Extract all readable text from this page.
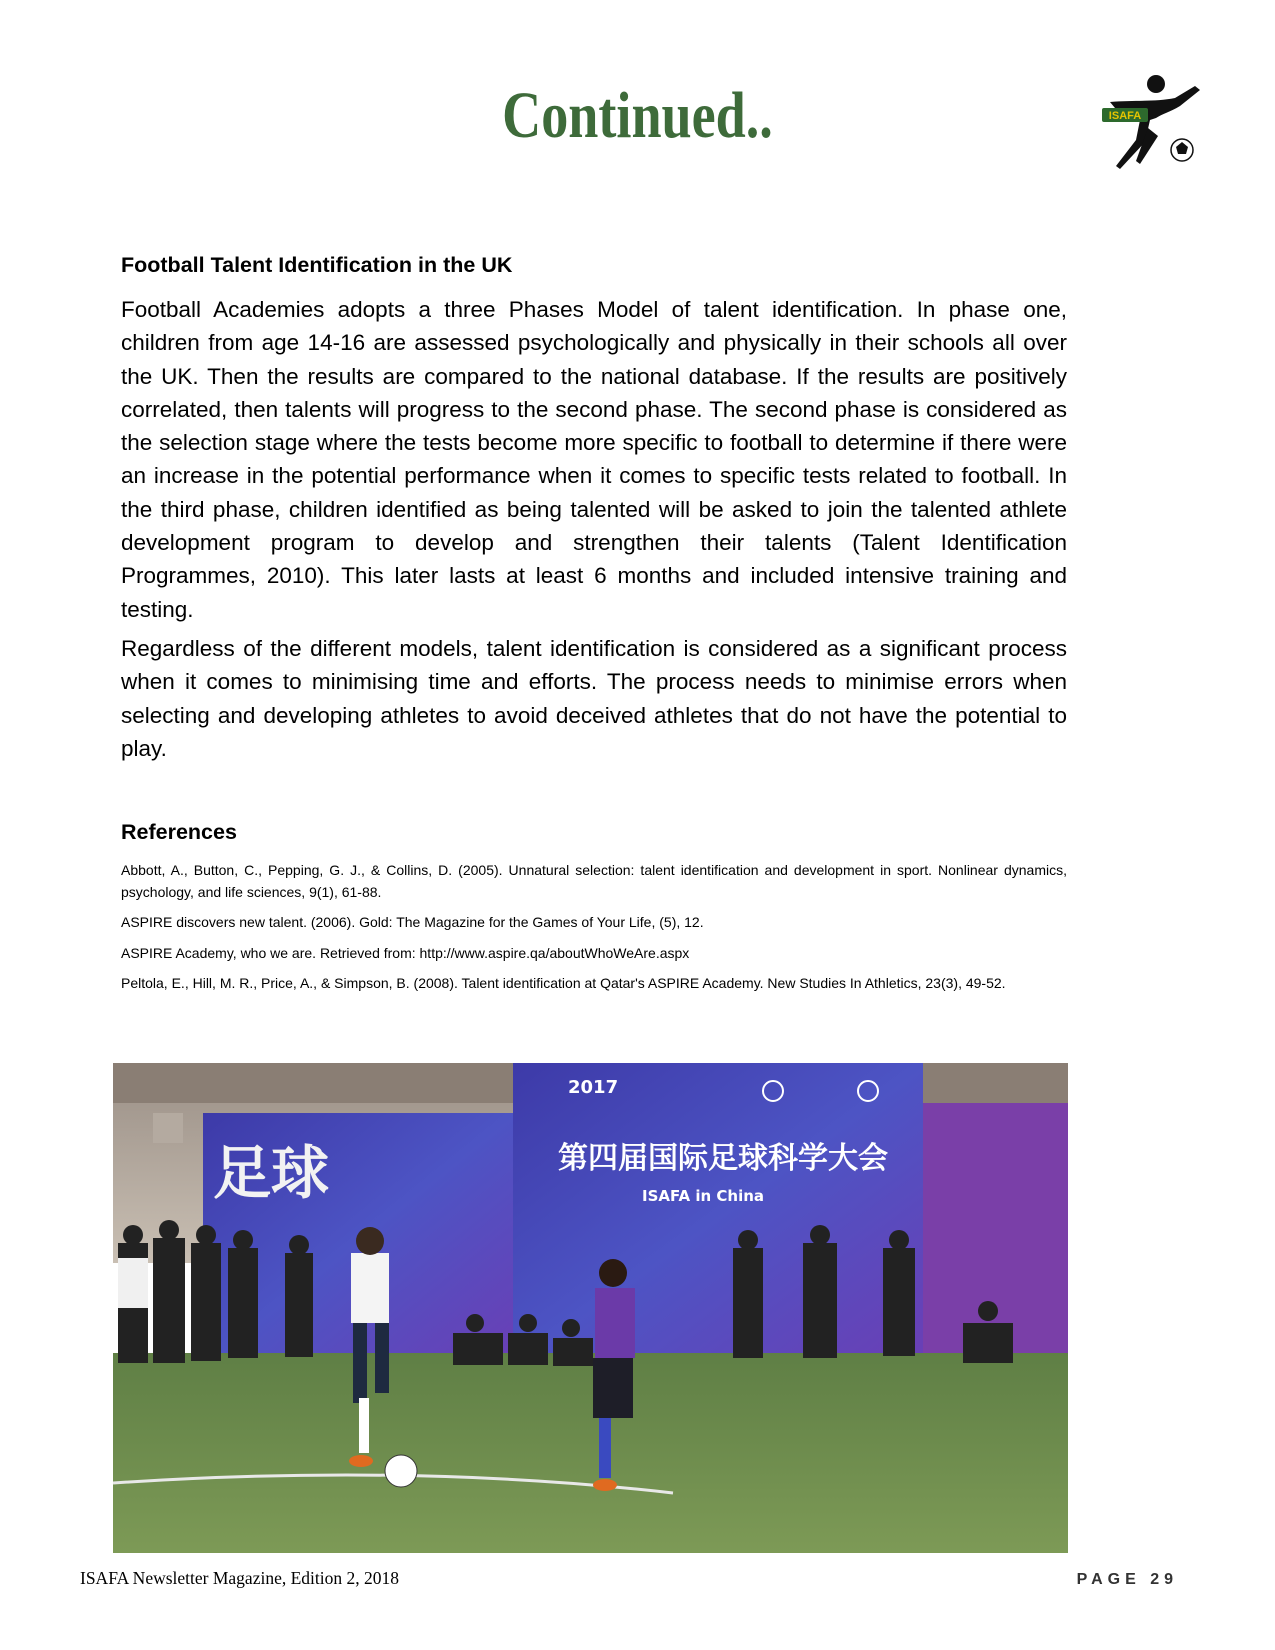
Continued..	ISAFA
Football Talent Identification in the UK

Football Academies adopts a three Phases Model of talent identification. In phase one, children from age 14-16 are assessed psychologically and physically in their schools all over the UK. Then the results are compared to the national database. If the results are positively correlated, then talents will progress to the second phase. The second phase is considered as the selection stage where the tests become more specific to football to determine if there were an increase in the potential performance when it comes to specific tests related to football. In the third phase, children identified as being talented will be asked to join the talented athlete development program to develop and strengthen their talents (Talent Identification Programmes, 2010). This later lasts at least 6 months and included intensive training and testing.

Regardless of the different models, talent identification is considered as a significant process when it comes to minimising time and efforts. The process needs to minimise errors when selecting and developing athletes to avoid deceived athletes that do not have the potential to play.

References

Abbott, A., Button, C., Pepping, G. J., & Collins, D. (2005). Unnatural selection: talent identification and development in sport. Nonlinear dynamics, psychology, and life sciences, 9(1), 61-88.

ASPIRE discovers new talent. (2006). Gold: The Magazine for the Games of Your Life, (5), 12.

ASPIRE Academy, who we are. Retrieved from: http://www.aspire.qa/aboutWhoWeAre.aspx

Peltola, E., Hill, M. R., Price, A., & Simpson, B. (2008). Talent identification at Qatar's ASPIRE Academy. New Studies In Athletics, 23(3), 49-52.

足球
2017
第四届国际足球科学大会
ISAFA in China
ISAFA Newsletter Magazine, Edition 2, 2018	PAGE 29
